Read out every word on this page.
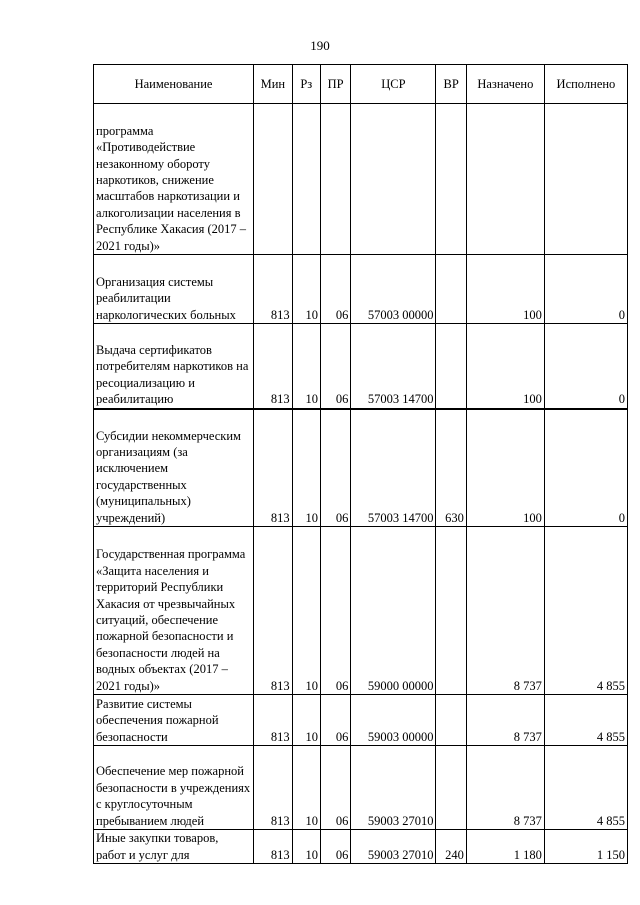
190
Наименование	Мин	Рз	ПР	ЦСР	ВР	Назначено	Исполнено
программа «Противодействие незаконному обороту наркотиков, снижение масштабов наркотизации и алкоголизации населения в Республике Хакасия (2017 – 2021 годы)»							
Организация системы реабилитации наркологических больных	813	10	06	57003 00000		100	0
Выдача сертификатов потребителям наркотиков на ресоциализацию и реабилитацию	813	10	06	57003 14700		100	0
Субсидии некоммерческим организациям (за исключением государственных (муниципальных) учреждений)	813	10	06	57003 14700	630	100	0
Государственная программа «Защита населения и территорий Республики Хакасия от чрезвычайных ситуаций, обеспечение пожарной безопасности и безопасности людей на водных объектах (2017 – 2021 годы)»	813	10	06	59000 00000		8 737	4 855
Развитие системы обеспечения пожарной безопасности	813	10	06	59003 00000		8 737	4 855
Обеспечение мер пожарной безопасности в учреждениях с круглосуточным пребыванием людей	813	10	06	59003 27010		8 737	4 855
Иные закупки товаров, работ и услуг для	813	10	06	59003 27010	240	1 180	1 150
